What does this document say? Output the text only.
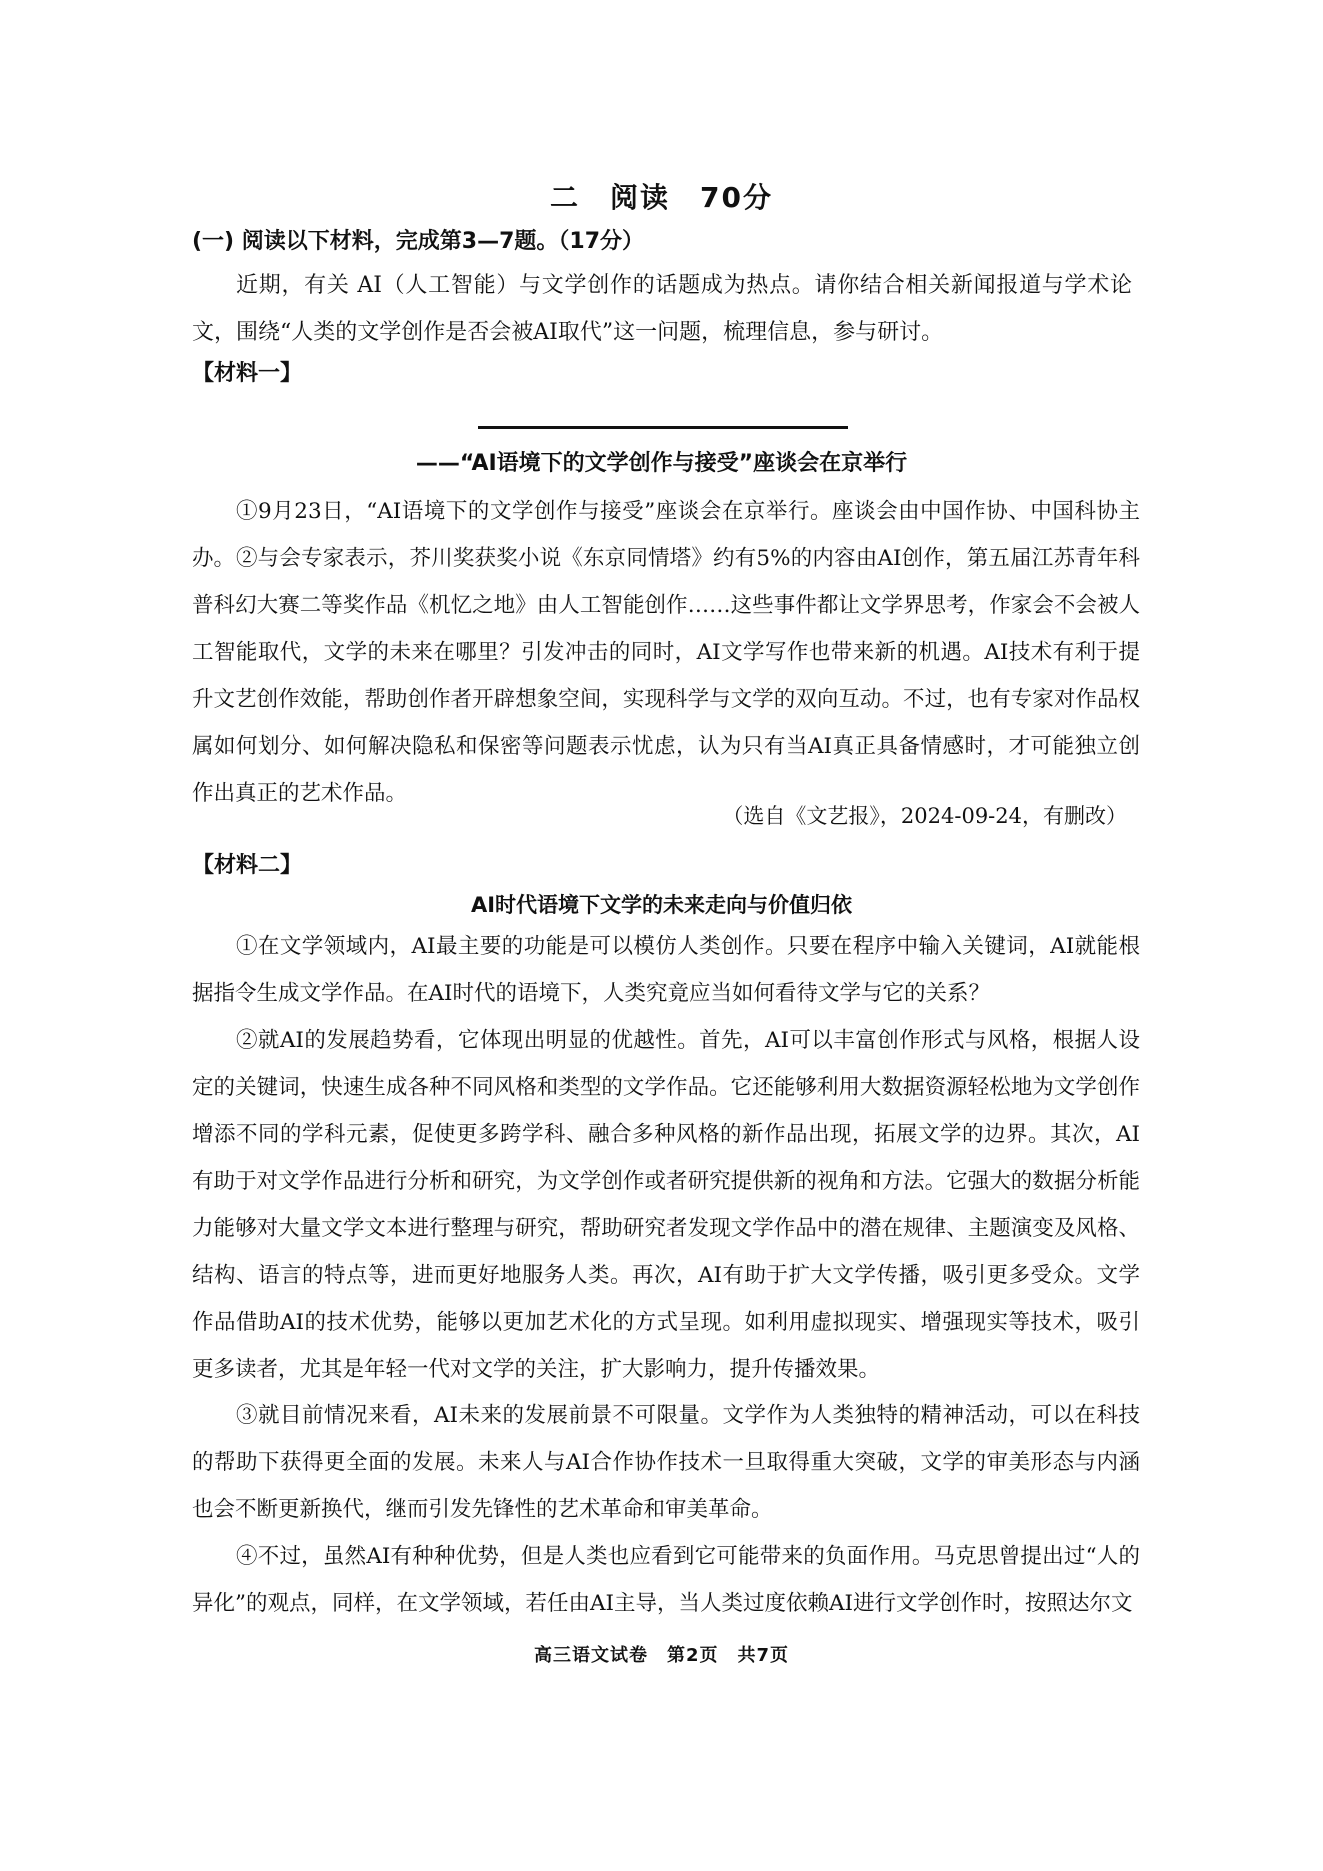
二　阅读　70分
(一) 阅读以下材料，完成第3—7题。（17分）
近期，有关 AI（人工智能）与文学创作的话题成为热点。请你结合相关新闻报道与学术论文，围绕“人类的文学创作是否会被AI取代”这一问题，梳理信息，参与研讨。
【材料一】
——“AI语境下的文学创作与接受”座谈会在京举行
①9月23日，“AI语境下的文学创作与接受”座谈会在京举行。座谈会由中国作协、中国科协主办。 ②与会专家表示，芥川奖获奖小说《东京同情塔》约有5%的内容由AI创作，第五届江苏青年科普科幻大赛二等奖作品《机忆之地》由人工智能创作……这些事件都让文学界思考，作家会不会被人工智能取代，文学的未来在哪里？引发冲击的同时，AI文学写作也带来新的机遇。AI技术有利于提升文艺创作效能，帮助创作者开辟想象空间，实现科学与文学的双向互动。不过，也有专家对作品权属如何划分、如何解决隐私和保密等问题表示忧虑，认为只有当AI真正具备情感时，才可能独立创作出真正的艺术作品。
（选自《文艺报》，2024-09-24，有删改）
【材料二】
AI时代语境下文学的未来走向与价值归依
①在文学领域内，AI最主要的功能是可以模仿人类创作。只要在程序中输入关键词，AI就能根据指令生成文学作品。在AI时代的语境下，人类究竟应当如何看待文学与它的关系？
②就AI的发展趋势看，它体现出明显的优越性。首先，AI可以丰富创作形式与风格，根据人设定的关键词，快速生成各种不同风格和类型的文学作品。它还能够利用大数据资源轻松地为文学创作增添不同的学科元素，促使更多跨学科、融合多种风格的新作品出现，拓展文学的边界。其次，AI有助于对文学作品进行分析和研究，为文学创作或者研究提供新的视角和方法。它强大的数据分析能力能够对大量文学文本进行整理与研究，帮助研究者发现文学作品中的潜在规律、主题演变及风格、结构、语言的特点等，进而更好地服务人类。再次，AI有助于扩大文学传播，吸引更多受众。文学作品借助AI的技术优势，能够以更加艺术化的方式呈现。如利用虚拟现实、增强现实等技术，吸引更多读者，尤其是年轻一代对文学的关注，扩大影响力，提升传播效果。
③就目前情况来看，AI未来的发展前景不可限量。文学作为人类独特的精神活动，可以在科技的帮助下获得更全面的发展。未来人与AI合作协作技术一旦取得重大突破，文学的审美形态与内涵也会不断更新换代，继而引发先锋性的艺术革命和审美革命。
④不过，虽然AI有种种优势，但是人类也应看到它可能带来的负面作用。马克思曾提出过“人的异化”的观点，同样，在文学领域，若任由AI主导，当人类过度依赖AI进行文学创作时，按照达尔文
高三语文试卷　第2页　共7页
